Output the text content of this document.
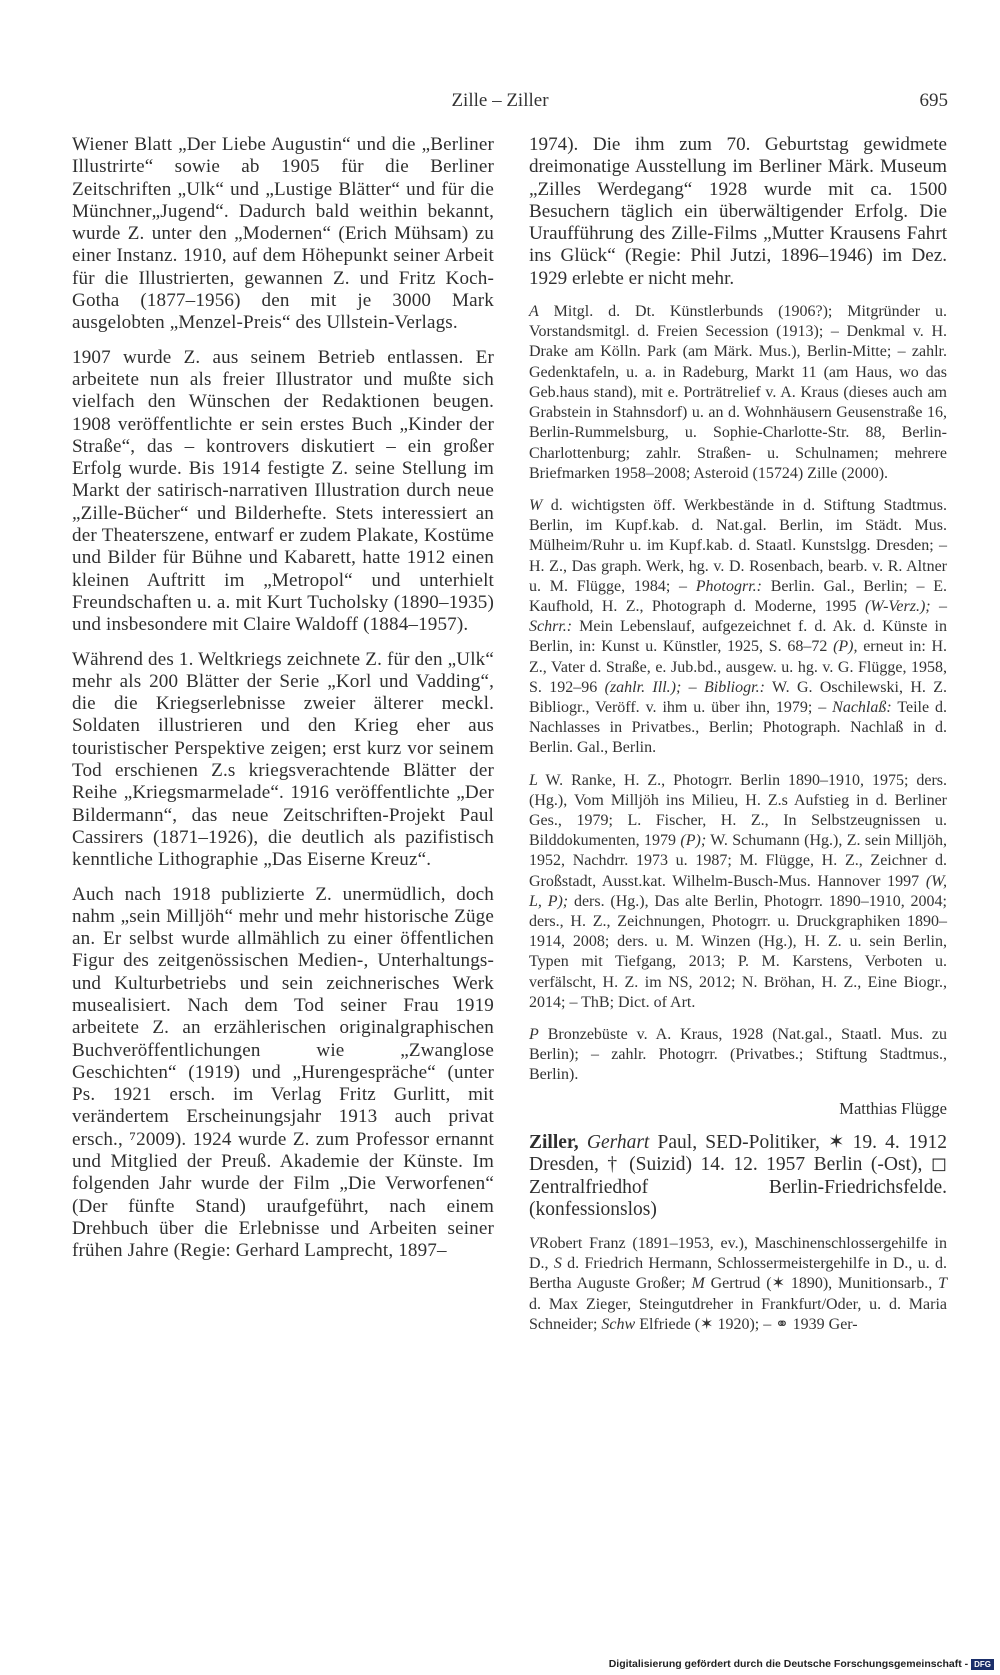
Zille – Ziller	695

Wiener Blatt „Der Liebe Augustin“ und die „Berliner Illustrirte“ sowie ab 1905 für die Berliner Zeitschriften „Ulk“ und „Lustige Blätter“ und für die Münchner„Jugend“. Dadurch bald weithin bekannt, wurde Z. unter den „Modernen“ (Erich Mühsam) zu einer Instanz. 1910, auf dem Höhepunkt seiner Arbeit für die Illustrierten, gewannen Z. und Fritz Koch-Gotha (1877–1956) den mit je 3000 Mark ausgelobten „Menzel-Preis“ des Ullstein-Verlags.

1907 wurde Z. aus seinem Betrieb entlassen. Er arbeitete nun als freier Illustrator und mußte sich vielfach den Wünschen der Redaktionen beugen. 1908 veröffentlichte er sein erstes Buch „Kinder der Straße“, das – kontrovers diskutiert – ein großer Erfolg wurde. Bis 1914 festigte Z. seine Stellung im Markt der satirisch-narrativen Illustration durch neue „Zille-Bücher“ und Bilderhefte. Stets interessiert an der Theaterszene, entwarf er zudem Plakate, Kostüme und Bilder für Bühne und Kabarett, hatte 1912 einen kleinen Auftritt im „Metropol“ und unterhielt Freundschaften u. a. mit Kurt Tucholsky (1890–1935) und insbesondere mit Claire Waldoff (1884–1957).

Während des 1. Weltkriegs zeichnete Z. für den „Ulk“ mehr als 200 Blätter der Serie „Korl und Vadding“, die die Kriegserlebnisse zweier älterer meckl. Soldaten illustrieren und den Krieg eher aus touristischer Perspektive zeigen; erst kurz vor seinem Tod erschienen Z.s kriegsverachtende Blätter der Reihe „Kriegsmarmelade“. 1916 veröffentlichte „Der Bildermann“, das neue Zeitschriften-Projekt Paul Cassirers (1871–1926), die deutlich als pazifistisch kenntliche Lithographie „Das Eiserne Kreuz“.

Auch nach 1918 publizierte Z. unermüdlich, doch nahm „sein Milljöh“ mehr und mehr historische Züge an. Er selbst wurde allmählich zu einer öffentlichen Figur des zeitgenössischen Medien-, Unterhaltungs- und Kulturbetriebs und sein zeichnerisches Werk musealisiert. Nach dem Tod seiner Frau 1919 arbeitete Z. an erzählerischen originalgraphischen Buchveröffentlichungen wie „Zwanglose Geschichten“ (1919) und „Hurengespräche“ (unter Ps. 1921 ersch. im Verlag Fritz Gurlitt, mit verändertem Erscheinungsjahr 1913 auch privat ersch., ⁷2009). 1924 wurde Z. zum Professor ernannt und Mitglied der Preuß. Akademie der Künste. Im folgenden Jahr wurde der Film „Die Verworfenen“ (Der fünfte Stand) uraufgeführt, nach einem Drehbuch über die Erlebnisse und Arbeiten seiner frühen Jahre (Regie: Gerhard Lamprecht, 1897–

1974). Die ihm zum 70. Geburtstag gewidmete dreimonatige Ausstellung im Berliner Märk. Museum „Zilles Werdegang“ 1928 wurde mit ca. 1500 Besuchern täglich ein überwältigender Erfolg. Die Uraufführung des Zille-Films „Mutter Krausens Fahrt ins Glück“ (Regie: Phil Jutzi, 1896–1946) im Dez. 1929 erlebte er nicht mehr.

A Mitgl. d. Dt. Künstlerbunds (1906?); Mitgründer u. Vorstandsmitgl. d. Freien Secession (1913); – Denkmal v. H. Drake am Kölln. Park (am Märk. Mus.), Berlin-Mitte; – zahlr. Gedenktafeln, u. a. in Radeburg, Markt 11 (am Haus, wo das Geb.haus stand), mit e. Porträtrelief v. A. Kraus (dieses auch am Grabstein in Stahnsdorf) u. an d. Wohnhäusern Geusenstraße 16, Berlin-Rummelsburg, u. Sophie-Charlotte-Str. 88, Berlin-Charlottenburg; zahlr. Straßen- u. Schulnamen; mehrere Briefmarken 1958–2008; Asteroid (15724) Zille (2000).

W d. wichtigsten öff. Werkbestände in d. Stiftung Stadtmus. Berlin, im Kupf.kab. d. Nat.gal. Berlin, im Städt. Mus. Mülheim/Ruhr u. im Kupf.kab. d. Staatl. Kunstslgg. Dresden; – H. Z., Das graph. Werk, hg. v. D. Rosenbach, bearb. v. R. Altner u. M. Flügge, 1984; – Photogrr.: Berlin. Gal., Berlin; – E. Kaufhold, H. Z., Photograph d. Moderne, 1995 (W-Verz.); – Schrr.: Mein Lebenslauf, aufgezeichnet f. d. Ak. d. Künste in Berlin, in: Kunst u. Künstler, 1925, S. 68–72 (P), erneut in: H. Z., Vater d. Straße, e. Jub.bd., ausgew. u. hg. v. G. Flügge, 1958, S. 192–96 (zahlr. Ill.); – Bibliogr.: W. G. Oschilewski, H. Z. Bibliogr., Veröff. v. ihm u. über ihn, 1979; – Nachlaß: Teile d. Nachlasses in Privatbes., Berlin; Photograph. Nachlaß in d. Berlin. Gal., Berlin.

L W. Ranke, H. Z., Photogrr. Berlin 1890–1910, 1975; ders. (Hg.), Vom Milljöh ins Milieu, H. Z.s Aufstieg in d. Berliner Ges., 1979; L. Fischer, H. Z., In Selbstzeugnissen u. Bilddokumenten, 1979 (P); W. Schumann (Hg.), Z. sein Milljöh, 1952, Nachdrr. 1973 u. 1987; M. Flügge, H. Z., Zeichner d. Großstadt, Ausst.kat. Wilhelm-Busch-Mus. Hannover 1997 (W, L, P); ders. (Hg.), Das alte Berlin, Photogrr. 1890–1910, 2004; ders., H. Z., Zeichnungen, Photogrr. u. Druckgraphiken 1890–1914, 2008; ders. u. M. Winzen (Hg.), H. Z. u. sein Berlin, Typen mit Tiefgang, 2013; P. M. Karstens, Verboten u. verfälscht, H. Z. im NS, 2012; N. Bröhan, H. Z., Eine Biogr., 2014; – ThB; Dict. of Art.

P Bronzebüste v. A. Kraus, 1928 (Nat.gal., Staatl. Mus. zu Berlin); – zahlr. Photogrr. (Privatbes.; Stiftung Stadtmus., Berlin).

Matthias Flügge

Ziller, Gerhart Paul, SED-Politiker, ✶ 19. 4. 1912 Dresden, † (Suizid) 14. 12. 1957 Berlin (-Ost), ◻ Zentralfriedhof Berlin-Friedrichsfelde. (konfessionslos)

VRobert Franz (1891–1953, ev.), Maschinenschlossergehilfe in D., S d. Friedrich Hermann, Schlossermeistergehilfe in D., u. d. Bertha Auguste Großer; M Gertrud (✶ 1890), Munitionsarb., T d. Max Zieger, Steingutdreher in Frankfurt/Oder, u. d. Maria Schneider; Schw Elfriede (✶ 1920); – ⚭ 1939 Ger-

Digitalisierung gefördert durch die Deutsche Forschungsgemeinschaft - DFG
